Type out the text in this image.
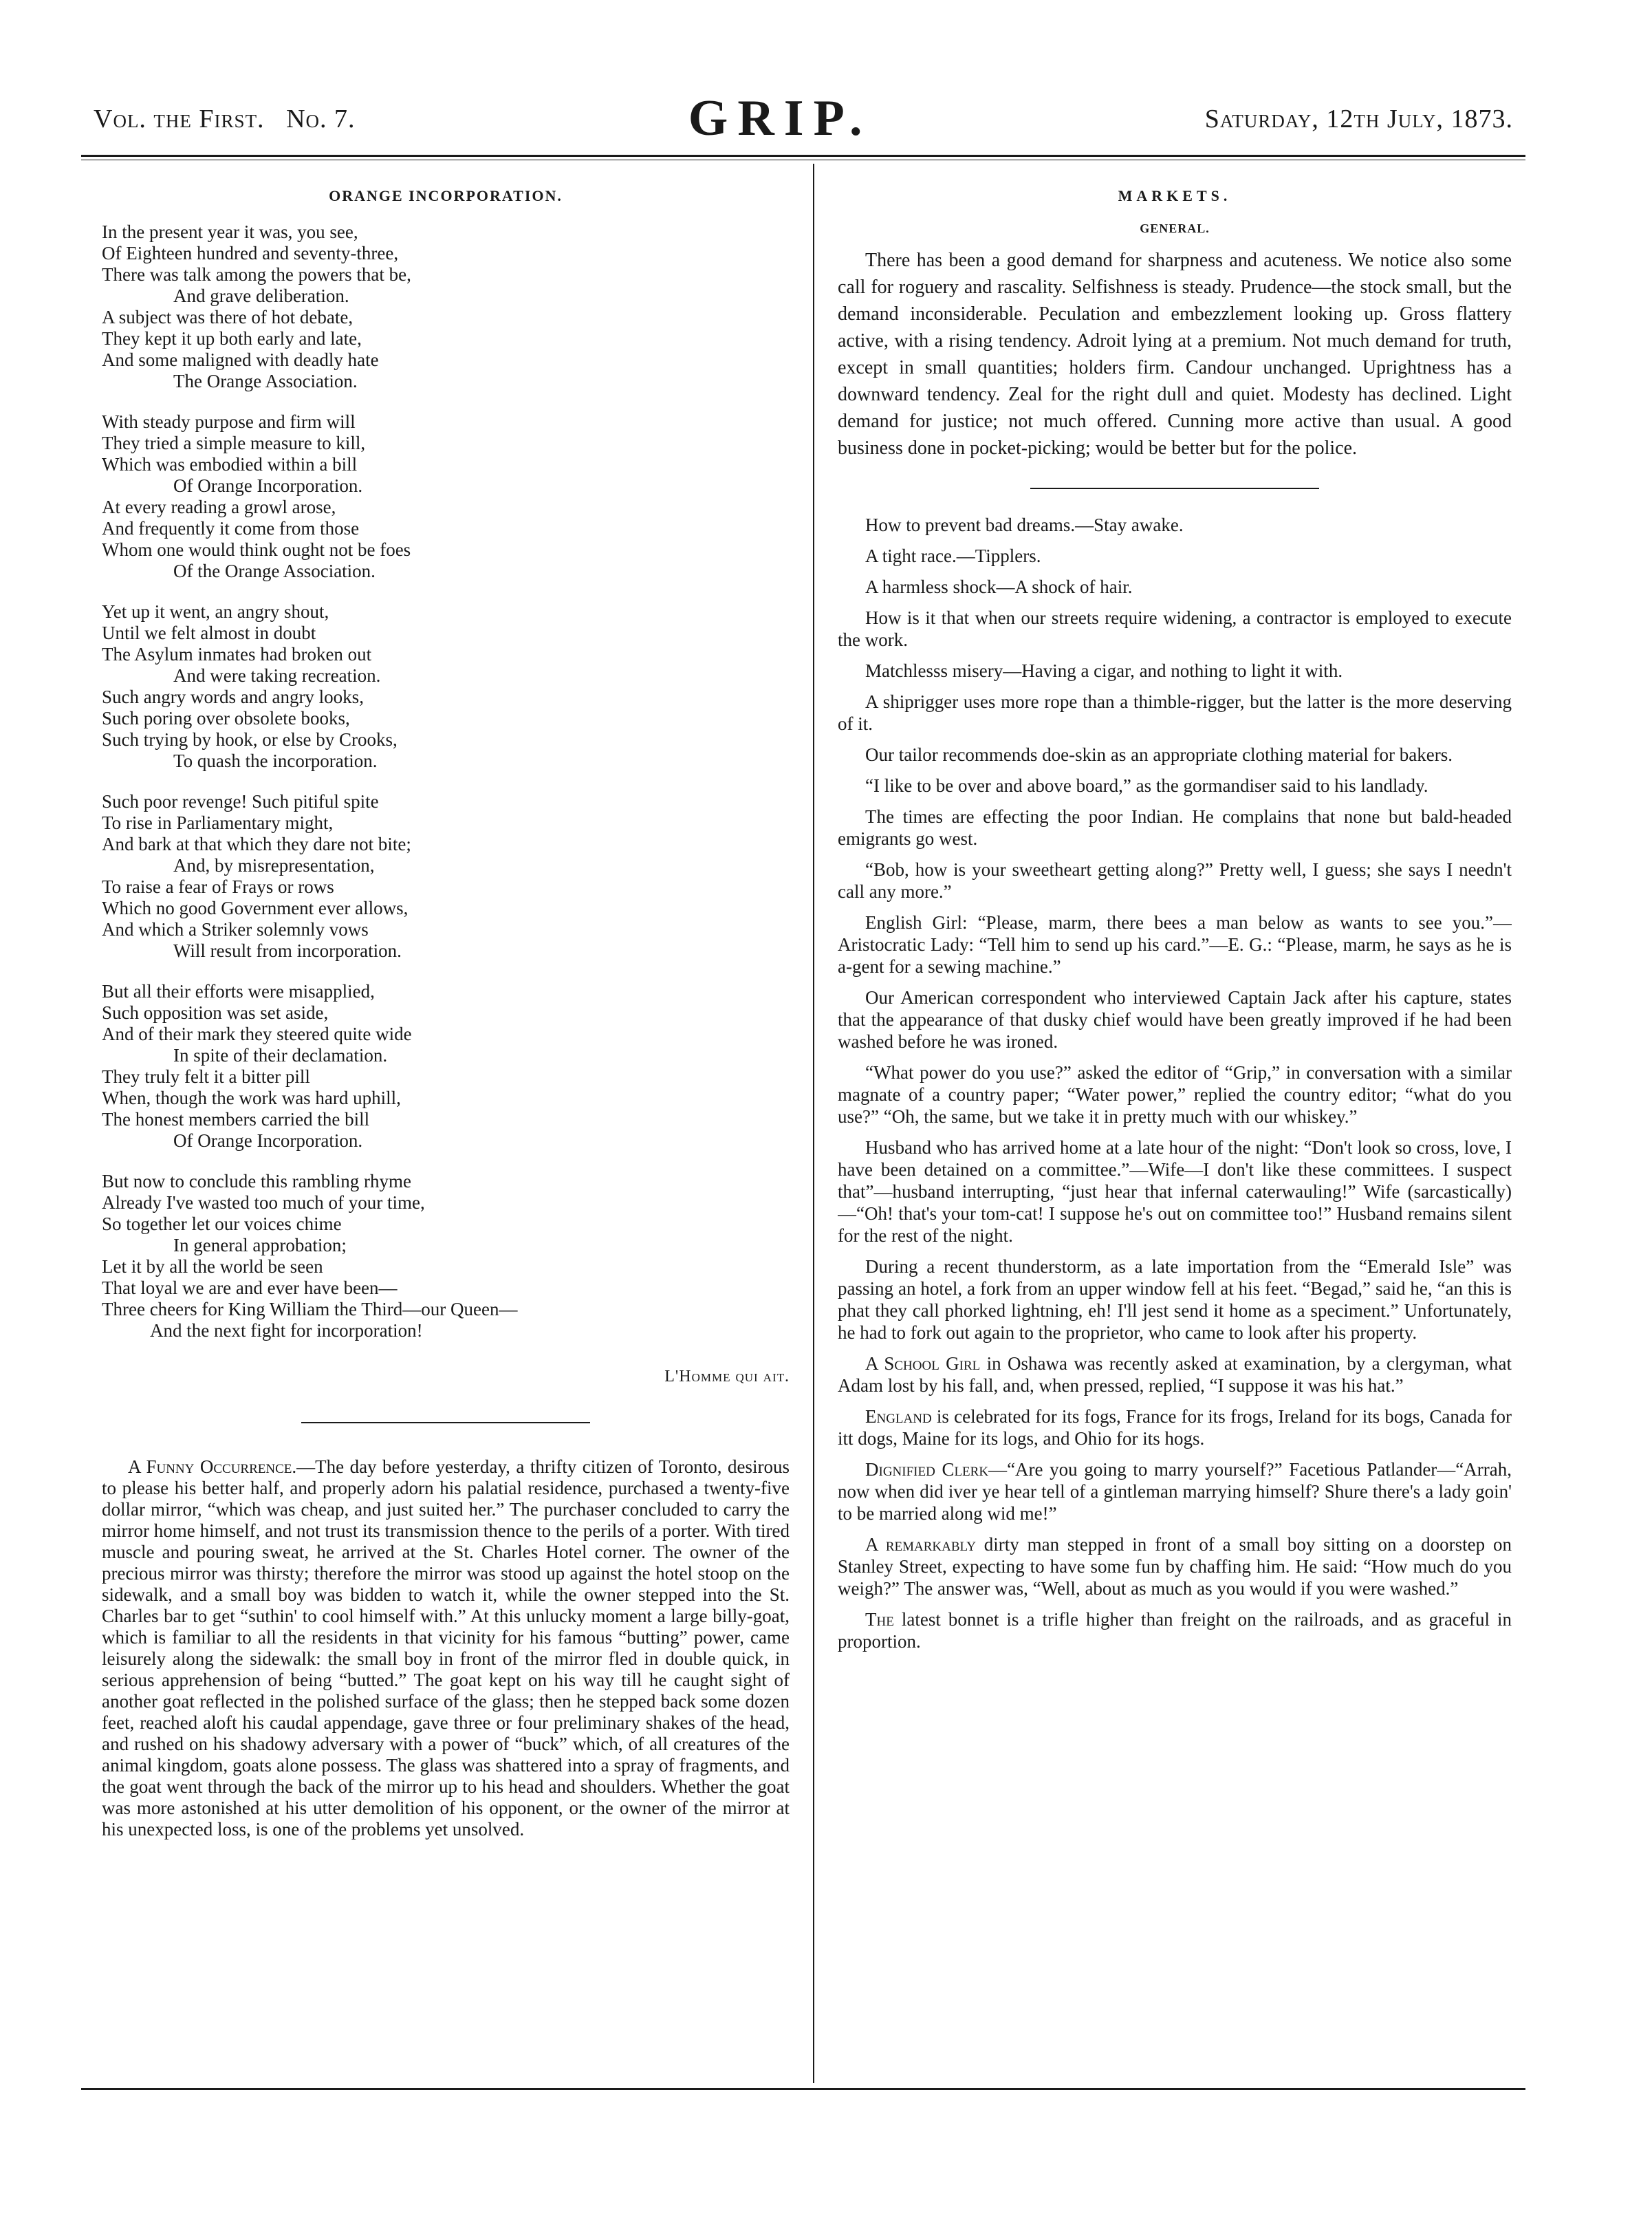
Vol. the First. No. 7.	GRIP.	Saturday, 12th July, 1873.
ORANGE INCORPORATION.
In the present year it was, you see,
Of Eighteen hundred and seventy-three,
There was talk among the powers that be,
And grave deliberation.
A subject was there of hot debate,
They kept it up both early and late,
And some maligned with deadly hate
The Orange Association.
With steady purpose and firm will
They tried a simple measure to kill,
Which was embodied within a bill
Of Orange Incorporation.
At every reading a growl arose,
And frequently it come from those
Whom one would think ought not be foes
Of the Orange Association.
Yet up it went, an angry shout,
Until we felt almost in doubt
The Asylum inmates had broken out
And were taking recreation.
Such angry words and angry looks,
Such poring over obsolete books,
Such trying by hook, or else by Crooks,
To quash the incorporation.
Such poor revenge! Such pitiful spite
To rise in Parliamentary might,
And bark at that which they dare not bite;
And, by misrepresentation,
To raise a fear of Frays or rows
Which no good Government ever allows,
And which a Striker solemnly vows
Will result from incorporation.
But all their efforts were misapplied,
Such opposition was set aside,
And of their mark they steered quite wide
In spite of their declamation.
They truly felt it a bitter pill
When, though the work was hard uphill,
The honest members carried the bill
Of Orange Incorporation.
But now to conclude this rambling rhyme
Already I've wasted too much of your time,
So together let our voices chime
In general approbation;
Let it by all the world be seen
That loyal we are and ever have been—
Three cheers for King William the Third—our Queen—
And the next fight for incorporation!
L'Homme qui ait.

A Funny Occurrence.—The day before yesterday, a thrifty citizen of Toronto, desirous to please his better half, and properly adorn his palatial residence, purchased a twenty-five dollar mirror, “which was cheap, and just suited her.” The purchaser concluded to carry the mirror home himself, and not trust its transmission thence to the perils of a porter. With tired muscle and pouring sweat, he arrived at the St. Charles Hotel corner. The owner of the precious mirror was thirsty; therefore the mirror was stood up against the hotel stoop on the sidewalk, and a small boy was bidden to watch it, while the owner stepped into the St. Charles bar to get “suthin' to cool himself with.” At this unlucky moment a large billy-goat, which is familiar to all the residents in that vicinity for his famous “butting” power, came leisurely along the sidewalk: the small boy in front of the mirror fled in double quick, in serious apprehension of being “butted.” The goat kept on his way till he caught sight of another goat reflected in the polished surface of the glass; then he stepped back some dozen feet, reached aloft his caudal appendage, gave three or four preliminary shakes of the head, and rushed on his shadowy adversary with a power of “buck” which, of all creatures of the animal kingdom, goats alone possess. The glass was shattered into a spray of fragments, and the goat went through the back of the mirror up to his head and shoulders. Whether the goat was more astonished at his utter demolition of his opponent, or the owner of the mirror at his unexpected loss, is one of the problems yet unsolved.

MARKETS.
GENERAL.

There has been a good demand for sharpness and acuteness. We notice also some call for roguery and rascality. Selfishness is steady. Prudence—the stock small, but the demand inconsiderable. Peculation and embezzlement looking up. Gross flattery active, with a rising tendency. Adroit lying at a premium. Not much demand for truth, except in small quantities; holders firm. Candour unchanged. Uprightness has a downward tendency. Zeal for the right dull and quiet. Modesty has declined. Light demand for justice; not much offered. Cunning more active than usual. A good business done in pocket-picking; would be better but for the police.

How to prevent bad dreams.—Stay awake.

A tight race.—Tipplers.

A harmless shock—A shock of hair.

How is it that when our streets require widening, a contractor is employed to execute the work.

Matchlesss misery—Having a cigar, and nothing to light it with.

A shiprigger uses more rope than a thimble-rigger, but the latter is the more deserving of it.

Our tailor recommends doe-skin as an appropriate clothing material for bakers.

“I like to be over and above board,” as the gormandiser said to his landlady.

The times are effecting the poor Indian. He complains that none but bald-headed emigrants go west.

“Bob, how is your sweetheart getting along?” Pretty well, I guess; she says I needn't call any more.”

English Girl: “Please, marm, there bees a man below as wants to see you.”—Aristocratic Lady: “Tell him to send up his card.”—E. G.: “Please, marm, he says as he is a-gent for a sewing machine.”

Our American correspondent who interviewed Captain Jack after his capture, states that the appearance of that dusky chief would have been greatly improved if he had been washed before he was ironed.

“What power do you use?” asked the editor of “Grip,” in conversation with a similar magnate of a country paper; “Water power,” replied the country editor; “what do you use?” “Oh, the same, but we take it in pretty much with our whiskey.”

Husband who has arrived home at a late hour of the night: “Don't look so cross, love, I have been detained on a committee.”—Wife—I don't like these committees. I suspect that”—husband interrupting, “just hear that infernal caterwauling!” Wife (sarcastically)—“Oh! that's your tom-cat! I suppose he's out on committee too!” Husband remains silent for the rest of the night.

During a recent thunderstorm, as a late importation from the “Emerald Isle” was passing an hotel, a fork from an upper window fell at his feet. “Begad,” said he, “an this is phat they call phorked lightning, eh! I'll jest send it home as a speciment.” Unfortunately, he had to fork out again to the proprietor, who came to look after his property.

A School Girl in Oshawa was recently asked at examination, by a clergyman, what Adam lost by his fall, and, when pressed, replied, “I suppose it was his hat.”

England is celebrated for its fogs, France for its frogs, Ireland for its bogs, Canada for itt dogs, Maine for its logs, and Ohio for its hogs.

Dignified Clerk—“Are you going to marry yourself?” Facetious Patlander—“Arrah, now when did iver ye hear tell of a gintleman marrying himself? Shure there's a lady goin' to be married along wid me!”

A remarkably dirty man stepped in front of a small boy sitting on a doorstep on Stanley Street, expecting to have some fun by chaffing him. He said: “How much do you weigh?” The answer was, “Well, about as much as you would if you were washed.”

The latest bonnet is a trifle higher than freight on the railroads, and as graceful in proportion.
